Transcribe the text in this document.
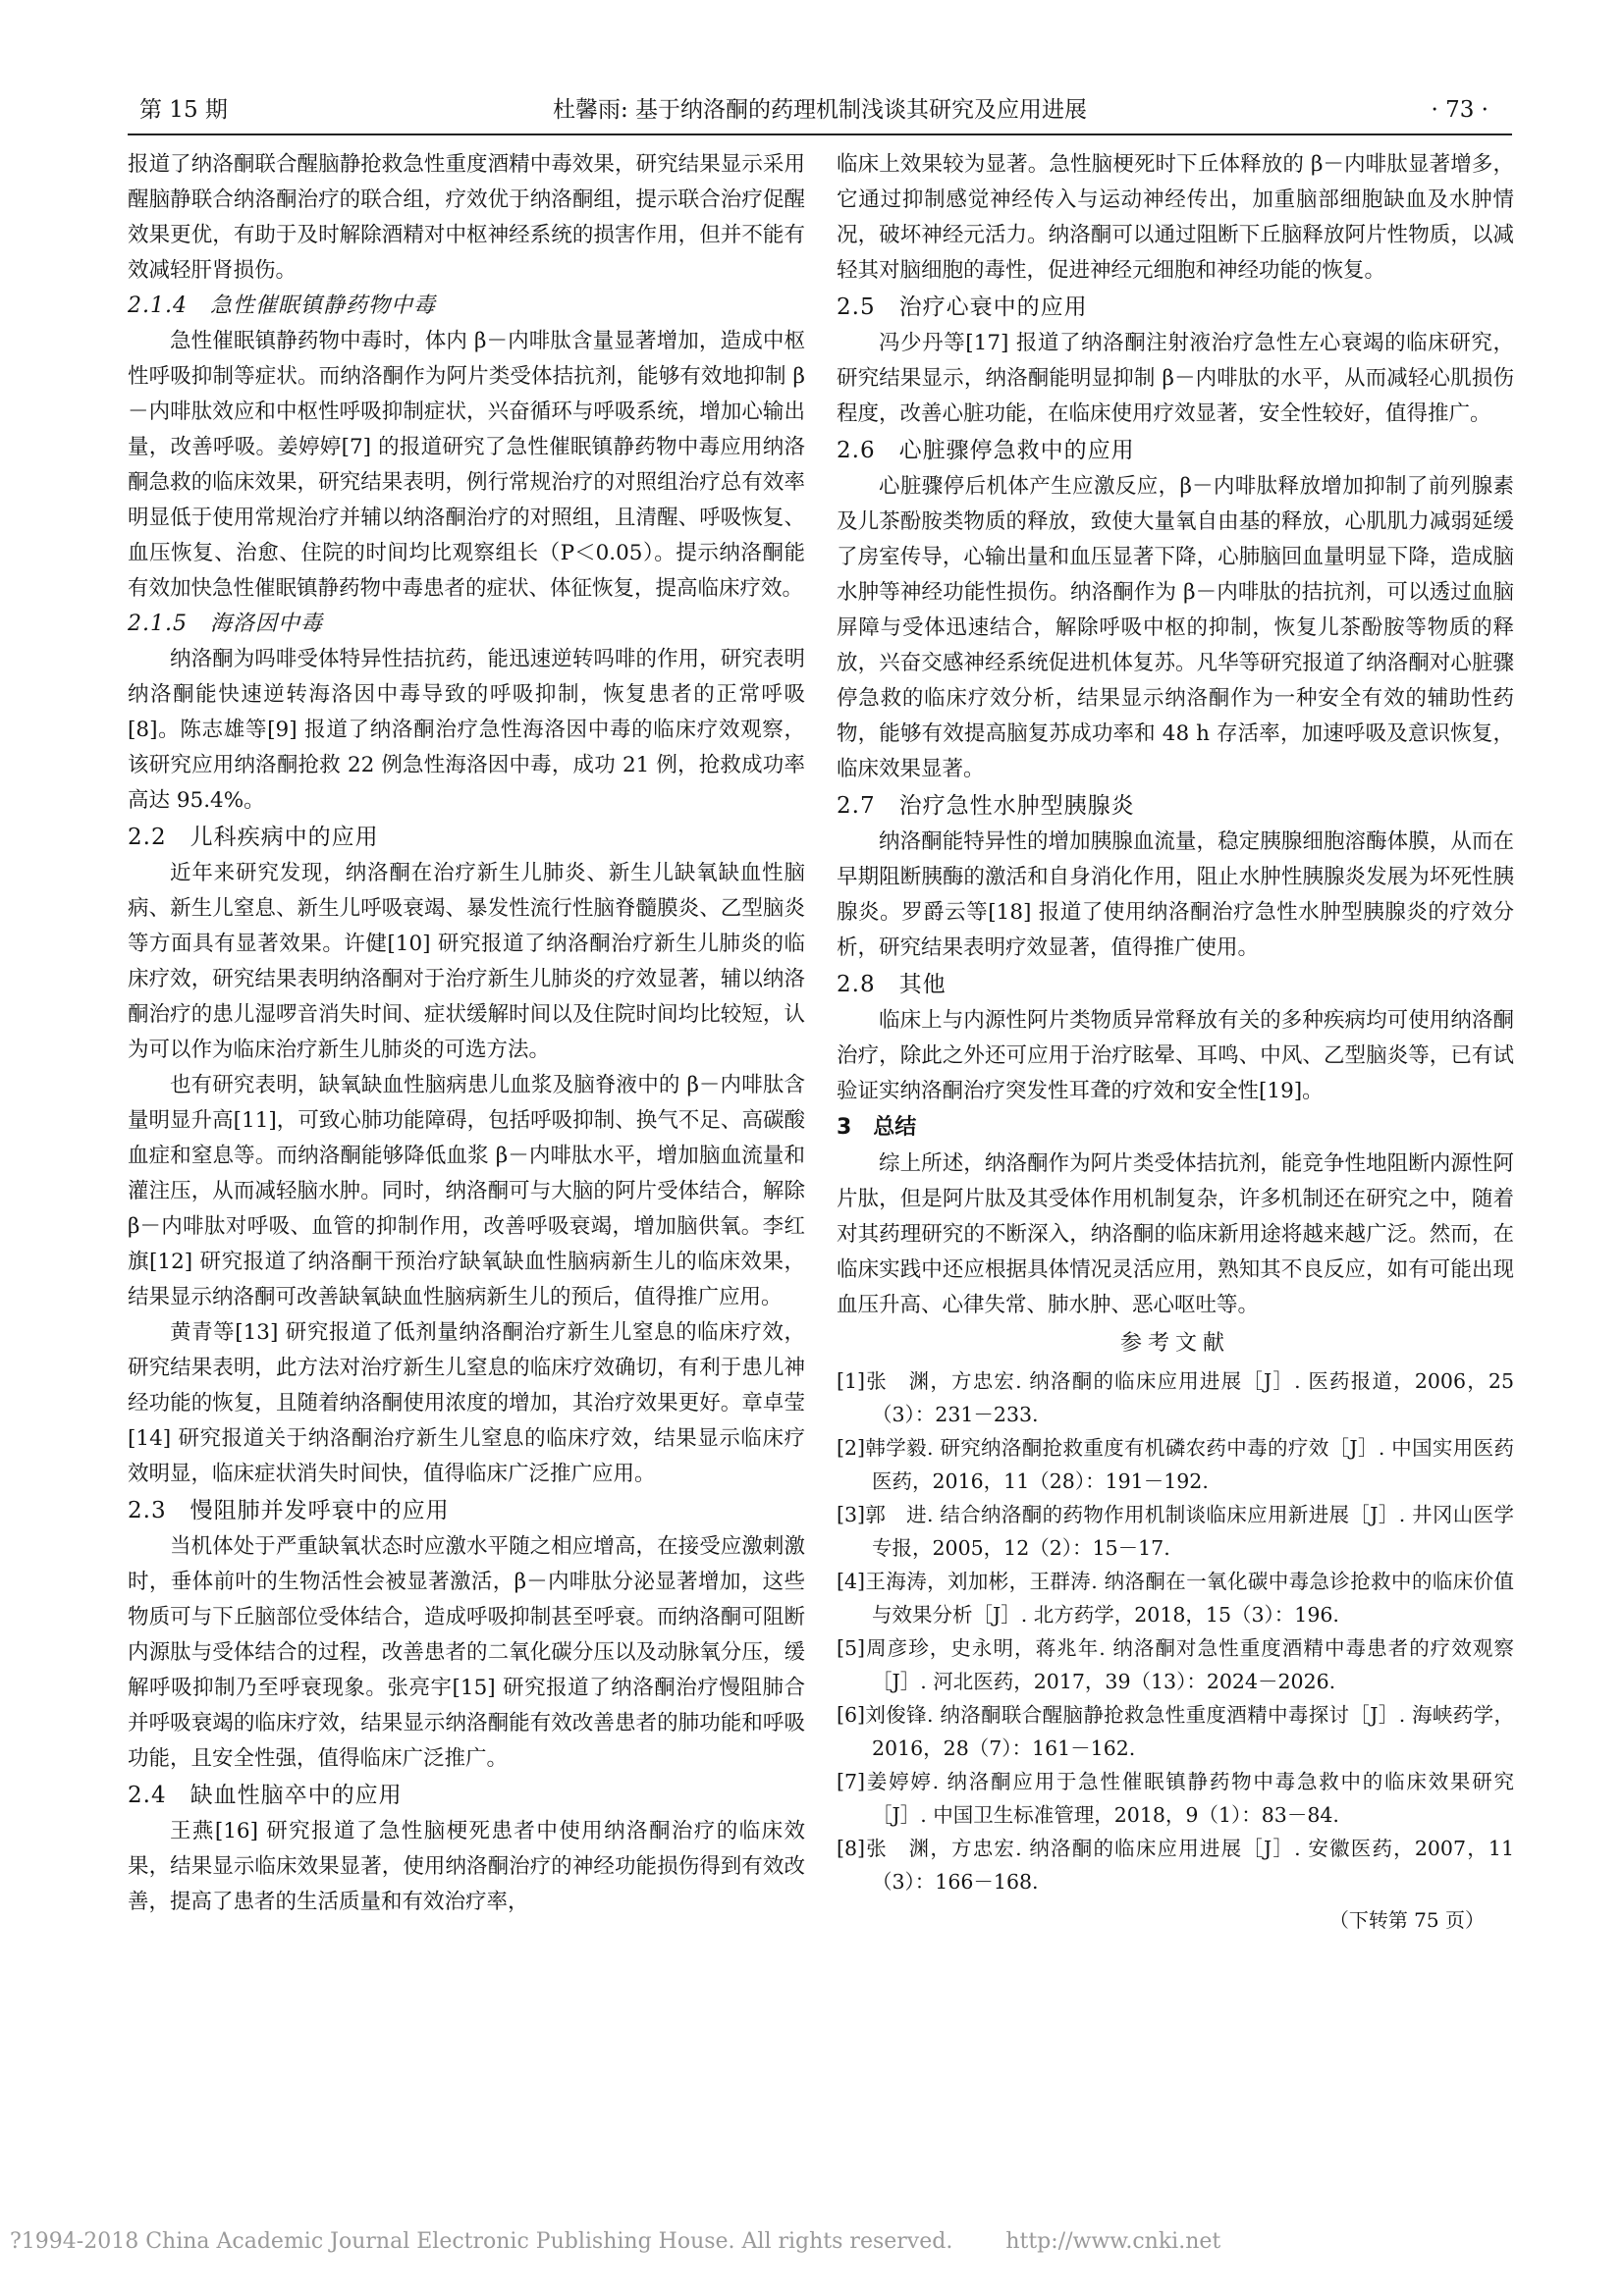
第 15 期	杜馨雨: 基于纳洛酮的药理机制浅谈其研究及应用进展	· 73 ·

报道了纳洛酮联合醒脑静抢救急性重度酒精中毒效果，研究结果显示采用醒脑静联合纳洛酮治疗的联合组，疗效优于纳洛酮组，提示联合治疗促醒效果更优，有助于及时解除酒精对中枢神经系统的损害作用，但并不能有效减轻肝肾损伤。

2.1.4　急性催眠镇静药物中毒

急性催眠镇静药物中毒时，体内 β－内啡肽含量显著增加，造成中枢性呼吸抑制等症状。而纳洛酮作为阿片类受体拮抗剂，能够有效地抑制 β－内啡肽效应和中枢性呼吸抑制症状，兴奋循环与呼吸系统，增加心输出量，改善呼吸。姜婷婷[7] 的报道研究了急性催眠镇静药物中毒应用纳洛酮急救的临床效果，研究结果表明，例行常规治疗的对照组治疗总有效率明显低于使用常规治疗并辅以纳洛酮治疗的对照组，且清醒、呼吸恢复、血压恢复、治愈、住院的时间均比观察组长（P＜0.05）。提示纳洛酮能有效加快急性催眠镇静药物中毒患者的症状、体征恢复，提高临床疗效。

2.1.5　海洛因中毒

纳洛酮为吗啡受体特异性拮抗药，能迅速逆转吗啡的作用，研究表明纳洛酮能快速逆转海洛因中毒导致的呼吸抑制，恢复患者的正常呼吸[8]。陈志雄等[9] 报道了纳洛酮治疗急性海洛因中毒的临床疗效观察，该研究应用纳洛酮抢救 22 例急性海洛因中毒，成功 21 例，抢救成功率高达 95.4%。

2.2　儿科疾病中的应用

近年来研究发现，纳洛酮在治疗新生儿肺炎、新生儿缺氧缺血性脑病、新生儿窒息、新生儿呼吸衰竭、暴发性流行性脑脊髓膜炎、乙型脑炎等方面具有显著效果。许健[10] 研究报道了纳洛酮治疗新生儿肺炎的临床疗效，研究结果表明纳洛酮对于治疗新生儿肺炎的疗效显著，辅以纳洛酮治疗的患儿湿啰音消失时间、症状缓解时间以及住院时间均比较短，认为可以作为临床治疗新生儿肺炎的可选方法。

也有研究表明，缺氧缺血性脑病患儿血浆及脑脊液中的 β－内啡肽含量明显升高[11]，可致心肺功能障碍，包括呼吸抑制、换气不足、高碳酸血症和窒息等。而纳洛酮能够降低血浆 β－内啡肽水平，增加脑血流量和灌注压，从而减轻脑水肿。同时，纳洛酮可与大脑的阿片受体结合，解除 β－内啡肽对呼吸、血管的抑制作用，改善呼吸衰竭，增加脑供氧。李红旗[12] 研究报道了纳洛酮干预治疗缺氧缺血性脑病新生儿的临床效果，结果显示纳洛酮可改善缺氧缺血性脑病新生儿的预后，值得推广应用。

黄青等[13] 研究报道了低剂量纳洛酮治疗新生儿窒息的临床疗效，研究结果表明，此方法对治疗新生儿窒息的临床疗效确切，有利于患儿神经功能的恢复，且随着纳洛酮使用浓度的增加，其治疗效果更好。章卓莹[14] 研究报道关于纳洛酮治疗新生儿窒息的临床疗效，结果显示临床疗效明显，临床症状消失时间快，值得临床广泛推广应用。

2.3　慢阻肺并发呼衰中的应用

当机体处于严重缺氧状态时应激水平随之相应增高，在接受应激刺激时，垂体前叶的生物活性会被显著激活，β－内啡肽分泌显著增加，这些物质可与下丘脑部位受体结合，造成呼吸抑制甚至呼衰。而纳洛酮可阻断内源肽与受体结合的过程，改善患者的二氧化碳分压以及动脉氧分压，缓解呼吸抑制乃至呼衰现象。张亮宇[15] 研究报道了纳洛酮治疗慢阻肺合并呼吸衰竭的临床疗效，结果显示纳洛酮能有效改善患者的肺功能和呼吸功能，且安全性强，值得临床广泛推广。

2.4　缺血性脑卒中的应用

王燕[16] 研究报道了急性脑梗死患者中使用纳洛酮治疗的临床效果，结果显示临床效果显著，使用纳洛酮治疗的神经功能损伤得到有效改善，提高了患者的生活质量和有效治疗率，

临床上效果较为显著。急性脑梗死时下丘体释放的 β－内啡肽显著增多，它通过抑制感觉神经传入与运动神经传出，加重脑部细胞缺血及水肿情况，破坏神经元活力。纳洛酮可以通过阻断下丘脑释放阿片性物质，以减轻其对脑细胞的毒性，促进神经元细胞和神经功能的恢复。

2.5　治疗心衰中的应用

冯少丹等[17] 报道了纳洛酮注射液治疗急性左心衰竭的临床研究，研究结果显示，纳洛酮能明显抑制 β－内啡肽的水平，从而减轻心肌损伤程度，改善心脏功能，在临床使用疗效显著，安全性较好，值得推广。

2.6　心脏骤停急救中的应用

心脏骤停后机体产生应激反应，β－内啡肽释放增加抑制了前列腺素及儿茶酚胺类物质的释放，致使大量氧自由基的释放，心肌肌力减弱延缓了房室传导，心输出量和血压显著下降，心肺脑回血量明显下降，造成脑水肿等神经功能性损伤。纳洛酮作为 β－内啡肽的拮抗剂，可以透过血脑屏障与受体迅速结合，解除呼吸中枢的抑制，恢复儿茶酚胺等物质的释放，兴奋交感神经系统促进机体复苏。凡华等研究报道了纳洛酮对心脏骤停急救的临床疗效分析，结果显示纳洛酮作为一种安全有效的辅助性药物，能够有效提高脑复苏成功率和 48 h 存活率，加速呼吸及意识恢复，临床效果显著。

2.7　治疗急性水肿型胰腺炎

纳洛酮能特异性的增加胰腺血流量，稳定胰腺细胞溶酶体膜，从而在早期阻断胰酶的激活和自身消化作用，阻止水肿性胰腺炎发展为坏死性胰腺炎。罗爵云等[18] 报道了使用纳洛酮治疗急性水肿型胰腺炎的疗效分析，研究结果表明疗效显著，值得推广使用。

2.8　其他

临床上与内源性阿片类物质异常释放有关的多种疾病均可使用纳洛酮治疗，除此之外还可应用于治疗眩晕、耳鸣、中风、乙型脑炎等，已有试验证实纳洛酮治疗突发性耳聋的疗效和安全性[19]。

3　总结

综上所述，纳洛酮作为阿片类受体拮抗剂，能竞争性地阻断内源性阿片肽，但是阿片肽及其受体作用机制复杂，许多机制还在研究之中，随着对其药理研究的不断深入，纳洛酮的临床新用途将越来越广泛。然而，在临床实践中还应根据具体情况灵活应用，熟知其不良反应，如有可能出现血压升高、心律失常、肺水肿、恶心呕吐等。

参考文献

[1]张　渊，方忠宏. 纳洛酮的临床应用进展［J］. 医药报道，2006，25（3）：231－233.

[2]韩学毅. 研究纳洛酮抢救重度有机磷农药中毒的疗效［J］. 中国实用医药医药，2016，11（28）：191－192.

[3]郭　进. 结合纳洛酮的药物作用机制谈临床应用新进展［J］. 井冈山医学专报，2005，12（2）：15－17.

[4]王海涛，刘加彬，王群涛. 纳洛酮在一氧化碳中毒急诊抢救中的临床价值与效果分析［J］. 北方药学，2018，15（3）：196.

[5]周彦珍，史永明，蒋兆年. 纳洛酮对急性重度酒精中毒患者的疗效观察［J］. 河北医药，2017，39（13）：2024－2026.

[6]刘俊锋. 纳洛酮联合醒脑静抢救急性重度酒精中毒探讨［J］. 海峡药学，2016，28（7）：161－162.

[7]姜婷婷. 纳洛酮应用于急性催眠镇静药物中毒急救中的临床效果研究［J］. 中国卫生标准管理，2018，9（1）：83－84.

[8]张　渊，方忠宏. 纳洛酮的临床应用进展［J］. 安徽医药，2007，11（3）：166－168.

（下转第 75 页）
?1994-2018 China Academic Journal Electronic Publishing House. All rights reserved. http://www.cnki.net
